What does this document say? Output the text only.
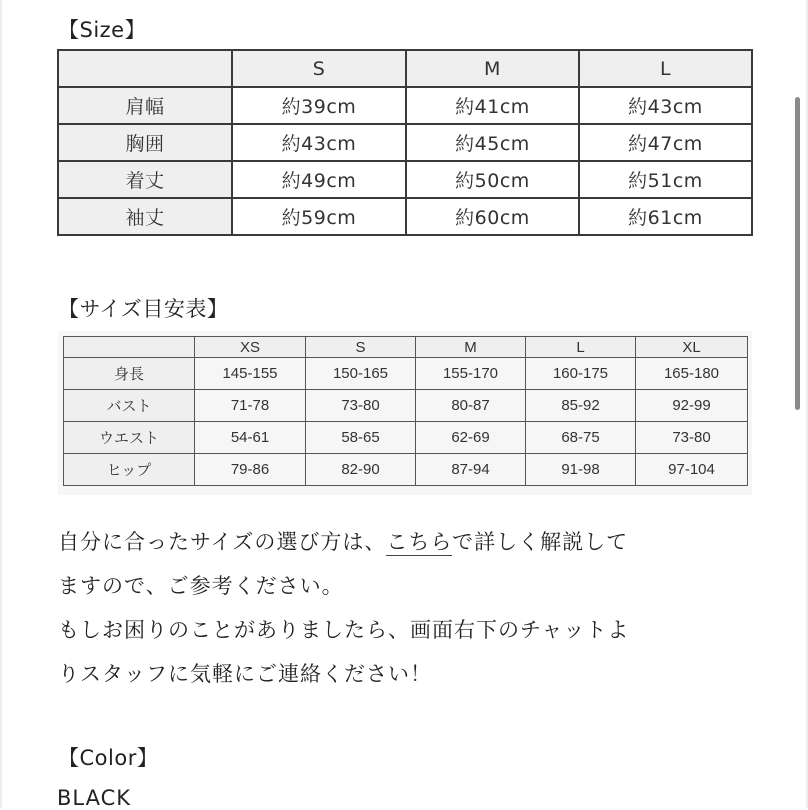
【Size】
	S	M	L
肩幅	約39cm	約41cm	約43cm
胸囲	約43cm	約45cm	約47cm
着丈	約49cm	約50cm	約51cm
袖丈	約59cm	約60cm	約61cm
【サイズ目安表】
	XS	S	M	L	XL
身長	145-155	150-165	155-170	160-175	165-180
バスト	71-78	73-80	80-87	85-92	92-99
ウエスト	54-61	58-65	62-69	68-75	73-80
ヒップ	79-86	82-90	87-94	91-98	97-104

自分に合ったサイズの選び方は、こちらで詳しく解説して

ますので、ご参考ください。

もしお困りのことがありましたら、画面右下のチャットよ

りスタッフに気軽にご連絡ください！

【Color】
BLACK
